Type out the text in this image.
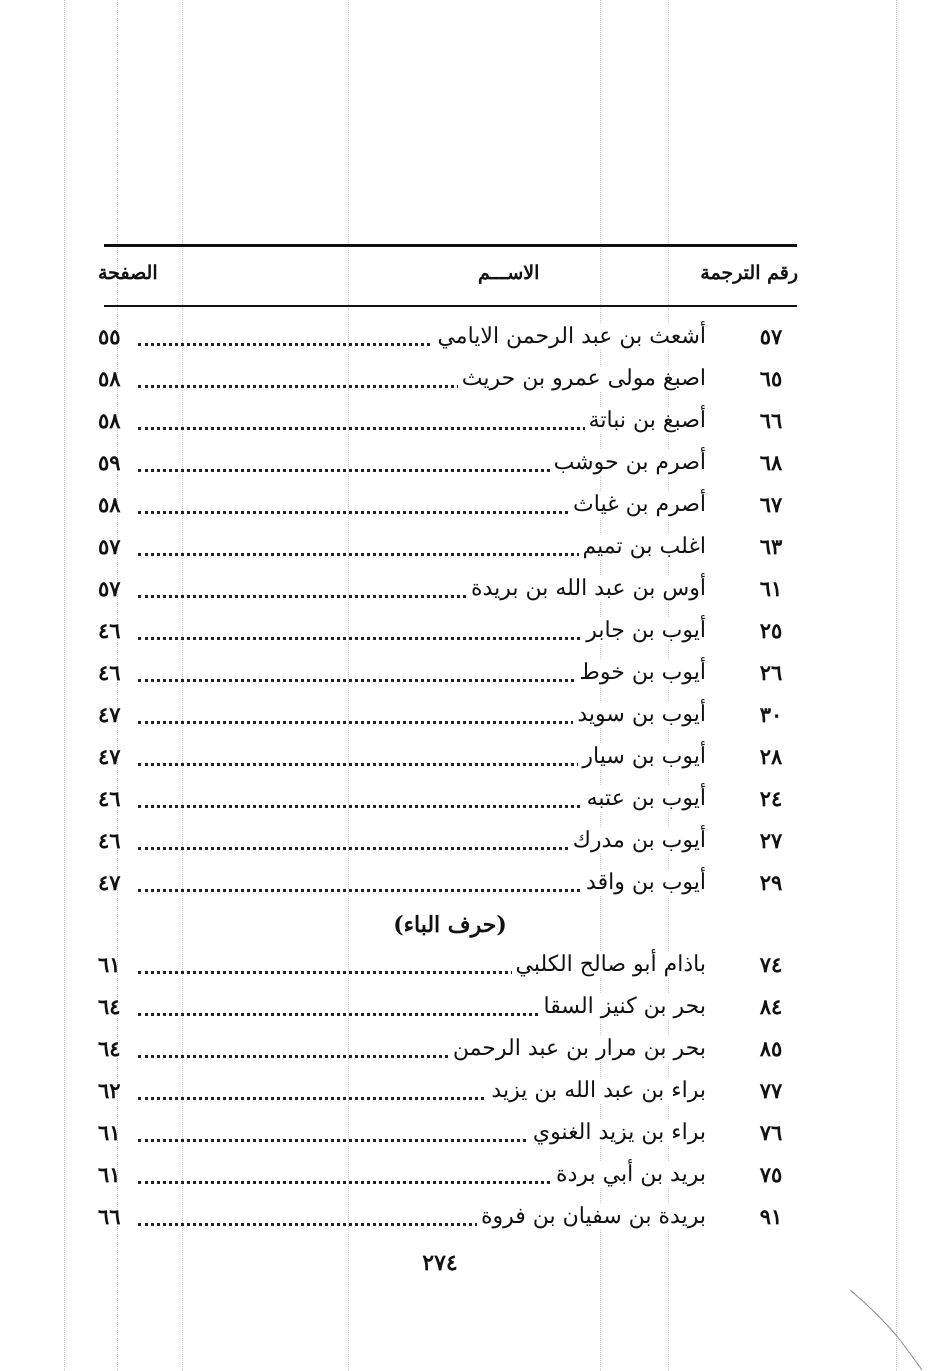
رقم الترجمة
الاســـم
الصفحة
٥٧
أشعث بن عبد الرحمن الايامي
٥٥
٦٥
اصبغ مولى عمرو بن حريث
٥٨
٦٦
أصبغ بن نباتة
٥٨
٦٨
أصرم بن حوشب
٥٩
٦٧
أصرم بن غياث
٥٨
٦٣
اغلب بن تميم
٥٧
٦١
أوس بن عبد الله بن بريدة
٥٧
٢٥
أيوب بن جابر
٤٦
٢٦
أيوب بن خوط
٤٦
٣٠
أيوب بن سويد
٤٧
٢٨
أيوب بن سيار
٤٧
٢٤
أيوب بن عتبه
٤٦
٢٧
أيوب بن مدرك
٤٦
٢٩
أيوب بن واقد
٤٧
(حرف الباء)
٧٤
باذام أبو صالح الكلبي
٦١
٨٤
بحر بن كنيز السقا
٦٤
٨٥
بحر بن مرار بن عبد الرحمن
٦٤
٧٧
براء بن عبد الله بن يزيد
٦٢
٧٦
براء بن يزيد الغنوي
٦١
٧٥
بريد بن أبي بردة
٦١
٩١
بريدة بن سفيان بن فروة
٦٦
٢٧٤
